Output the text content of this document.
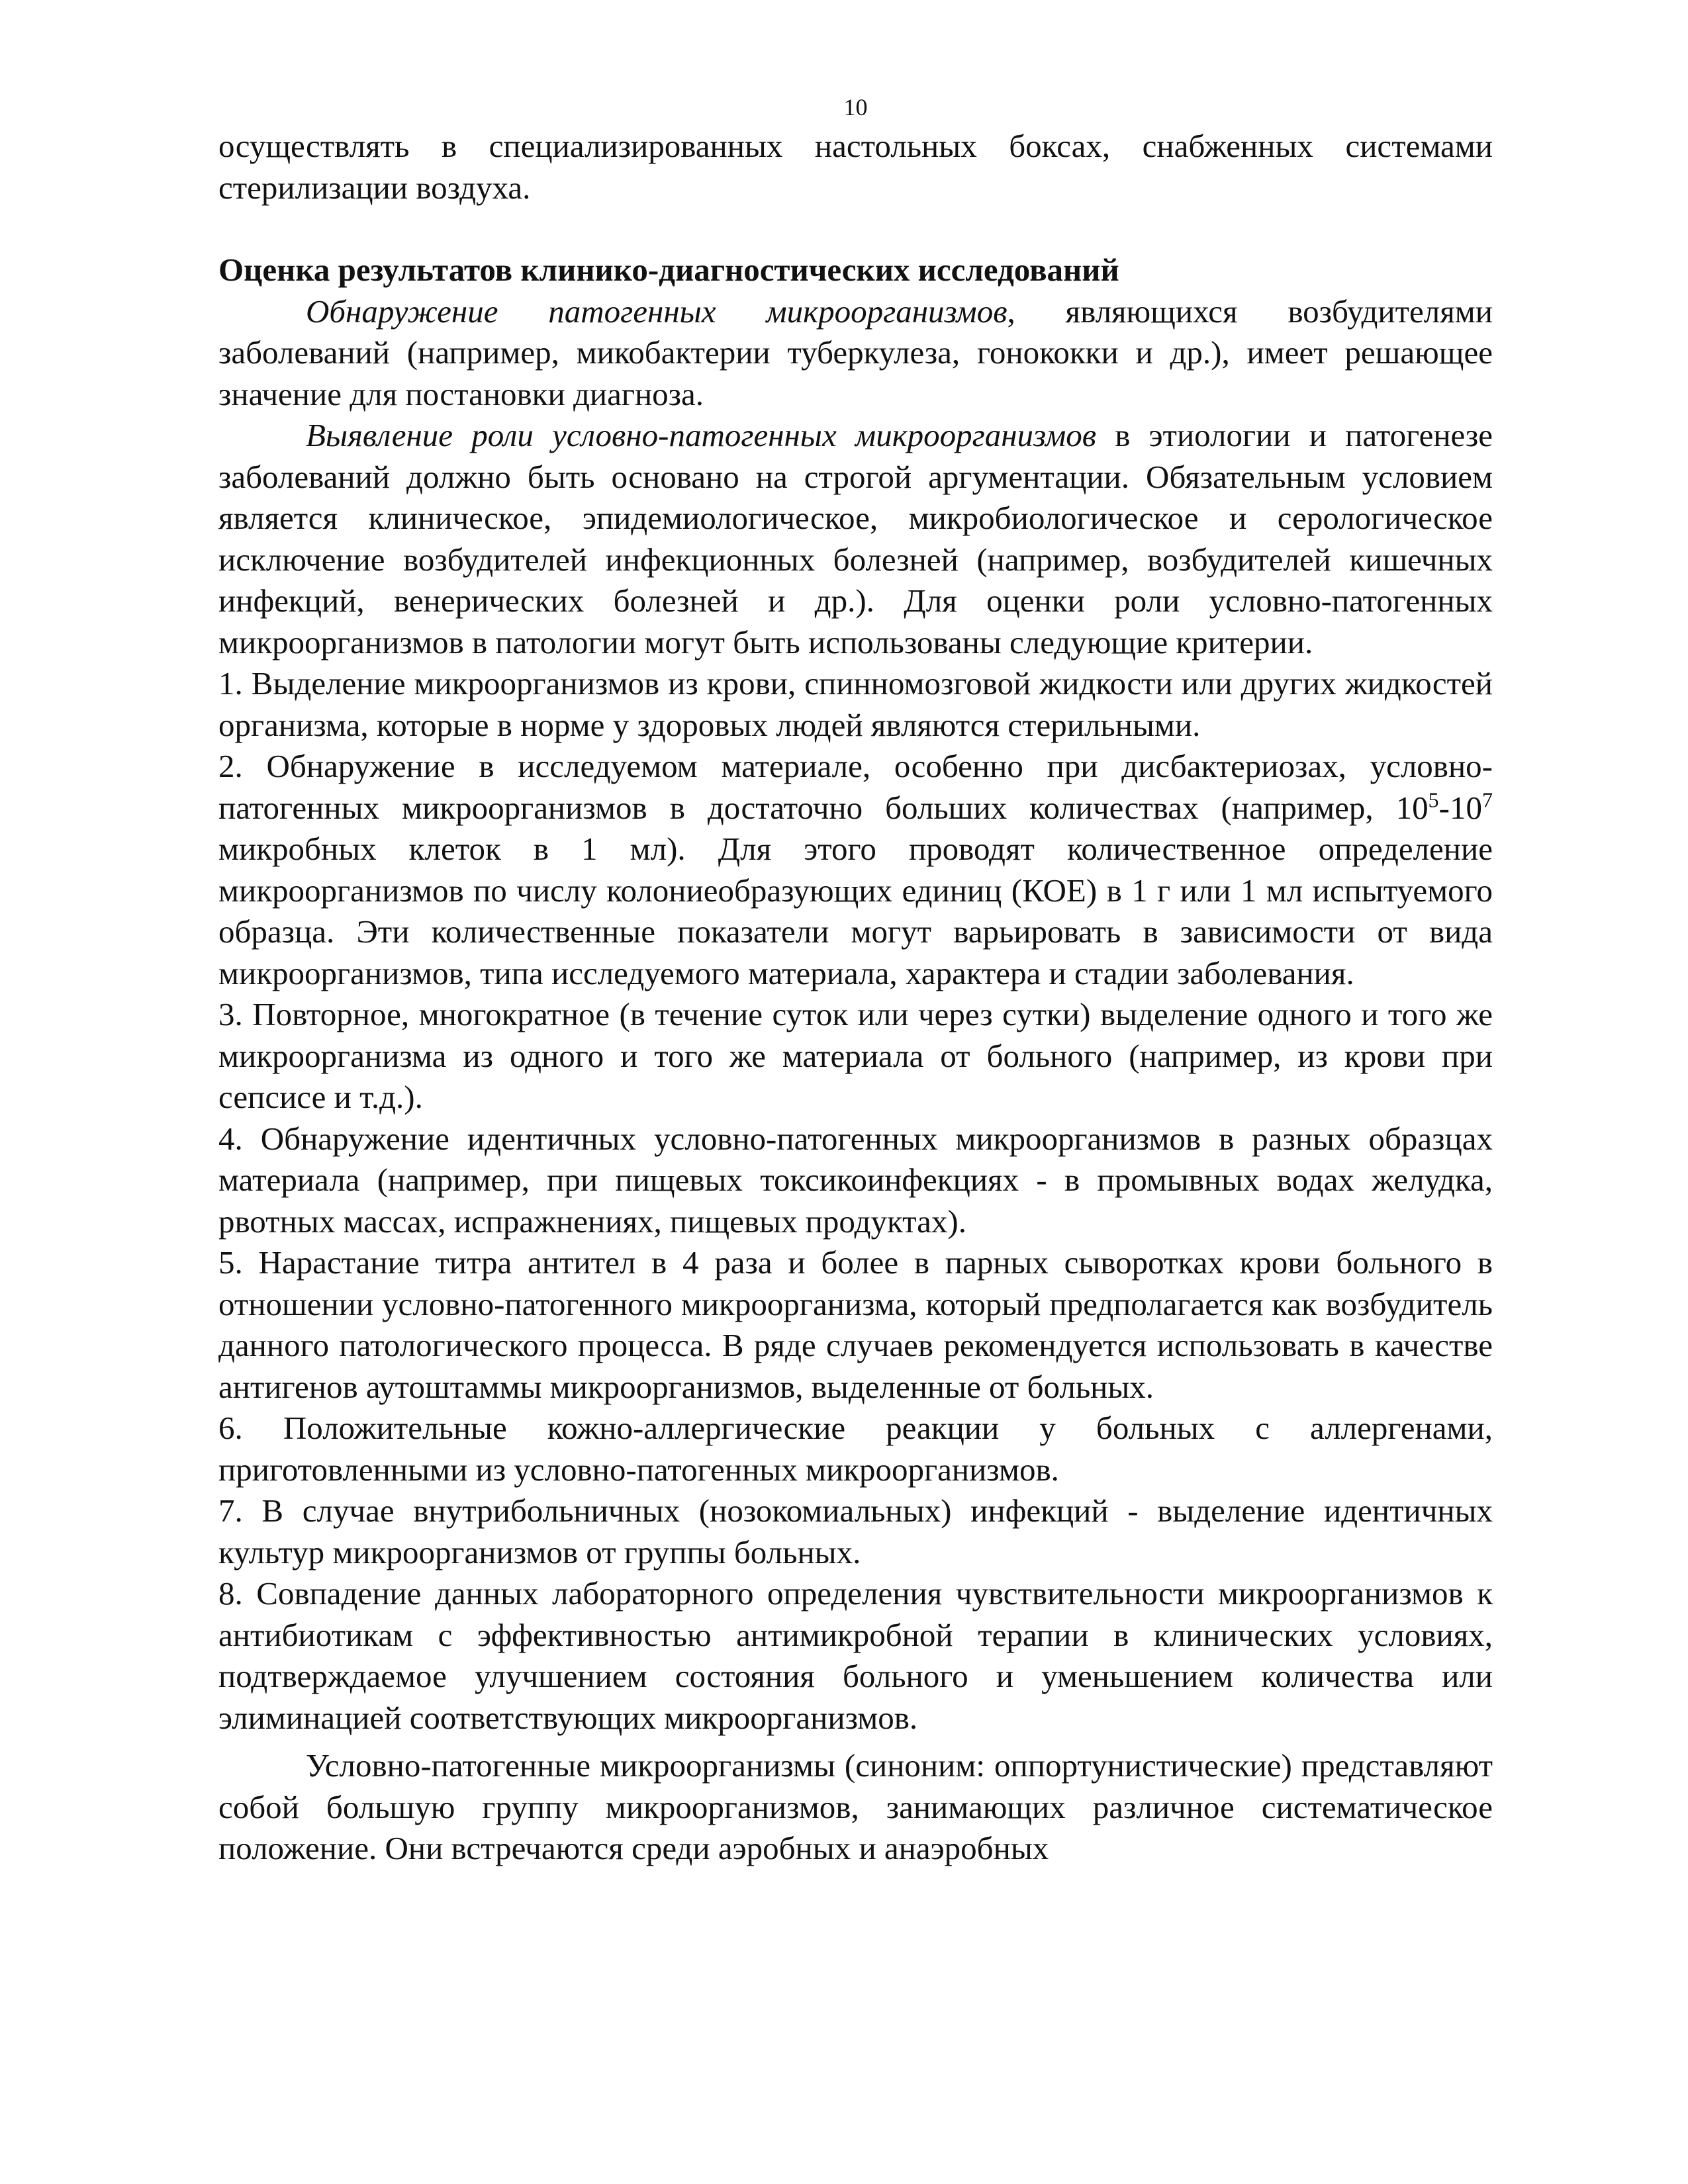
10

осуществлять в специализированных настольных боксах, снабженных системами стерилизации воздуха.

Оценка результатов клинико-диагностических исследований

Обнаружение патогенных микроорганизмов, являющихся возбудителями заболеваний (например, микобактерии туберкулеза, гонококки и др.), имеет решающее значение для постановки диагноза.

Выявление роли условно-патогенных микроорганизмов в этиологии и патогенезе заболеваний должно быть основано на строгой аргументации. Обязательным условием является клиническое, эпидемиологическое, микробиологическое и серологическое исключение возбудителей инфекционных болезней (например, возбудителей кишечных инфекций, венерических болезней и др.). Для оценки роли условно-патогенных микроорганизмов в патологии могут быть использованы следующие критерии.

1. Выделение микроорганизмов из крови, спинномозговой жидкости или других жидкостей организма, которые в норме у здоровых людей являются стерильными.

2. Обнаружение в исследуемом материале, особенно при дисбактериозах, условно-патогенных микроорганизмов в достаточно больших количествах (например, $10^5-10^7$ микробных клеток в 1 мл). Для этого проводят количественное определение микроорганизмов по числу колониеобразующих единиц (КОЕ) в 1 г или 1 мл испытуемого образца. Эти количественные показатели могут варьировать в зависимости от вида микроорганизмов, типа исследуемого материала, характера и стадии заболевания.

3. Повторное, многократное (в течение суток или через сутки) выделение одного и того же микроорганизма из одного и того же материала от больного (например, из крови при сепсисе и т.д.).

4. Обнаружение идентичных условно-патогенных микроорганизмов в разных образцах материала (например, при пищевых токсикоинфекциях - в промывных водах желудка, рвотных массах, испражнениях, пищевых продуктах).

5. Нарастание титра антител в 4 раза и более в парных сыворотках крови больного в отношении условно-патогенного микроорганизма, который предполагается как возбудитель данного патологического процесса. В ряде случаев рекомендуется использовать в качестве антигенов аутоштаммы микроорганизмов, выделенные от больных.

6. Положительные кожно-аллергические реакции у больных с аллергенами, приготовленными из условно-патогенных микроорганизмов.

7. В случае внутрибольничных (нозокомиальных) инфекций - выделение идентичных культур микроорганизмов от группы больных.

8. Совпадение данных лабораторного определения чувствительности микроорганизмов к антибиотикам с эффективностью антимикробной терапии в клинических условиях, подтверждаемое улучшением состояния больного и уменьшением количества или элиминацией соответствующих микроорганизмов.

Условно-патогенные микроорганизмы (синоним: оппортунистические) представляют собой большую группу микроорганизмов, занимающих различное систематическое положение. Они встречаются среди аэробных и анаэробных
